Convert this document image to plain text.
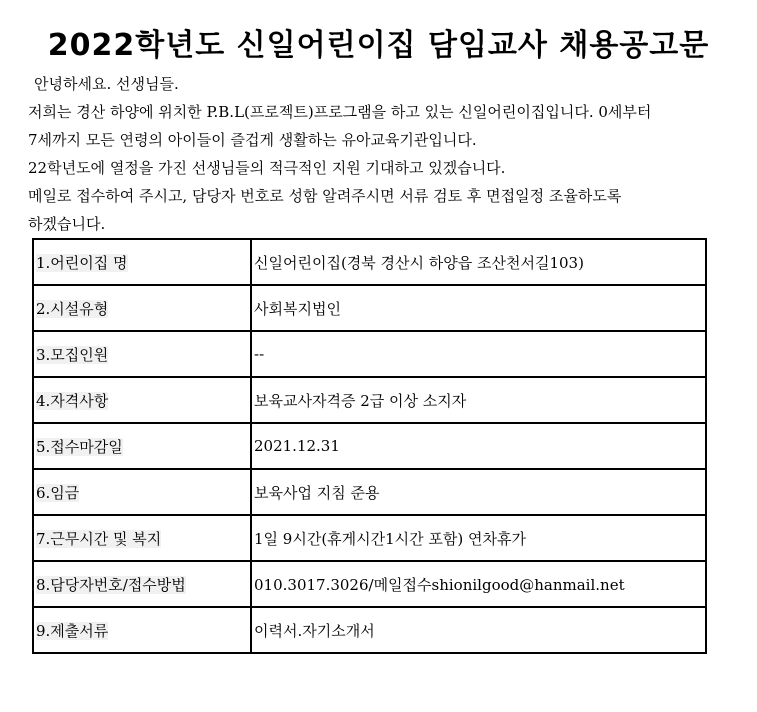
2022학년도 신일어린이집 담임교사 채용공고문

안녕하세요. 선생님들.

저희는 경산 하양에 위치한 P.B.L(프로젝트)프로그램을 하고 있는 신일어린이집입니다. 0세부터

7세까지 모든 연령의 아이들이 즐겁게 생활하는 유아교육기관입니다.

22학년도에 열정을 가진 선생님들의 적극적인 지원 기대하고 있겠습니다.

메일로 접수하여 주시고, 담당자 번호로 성함 알려주시면 서류 검토 후 면접일정 조율하도록

하겠습니다.

1.어린이집 명	신일어린이집(경북 경산시 하양읍 조산천서길103)
2.시설유형	사회복지법인
3.모집인원	--
4.자격사항	보육교사자격증 2급 이상 소지자
5.접수마감일	2021.12.31
6.임금	보육사업 지침 준용
7.근무시간 및 복지	1일 9시간(휴게시간1시간 포함) 연차휴가
8.담당자번호/접수방법	010.3017.3026/메일접수shionilgood@hanmail.net
9.제출서류	이력서.자기소개서
